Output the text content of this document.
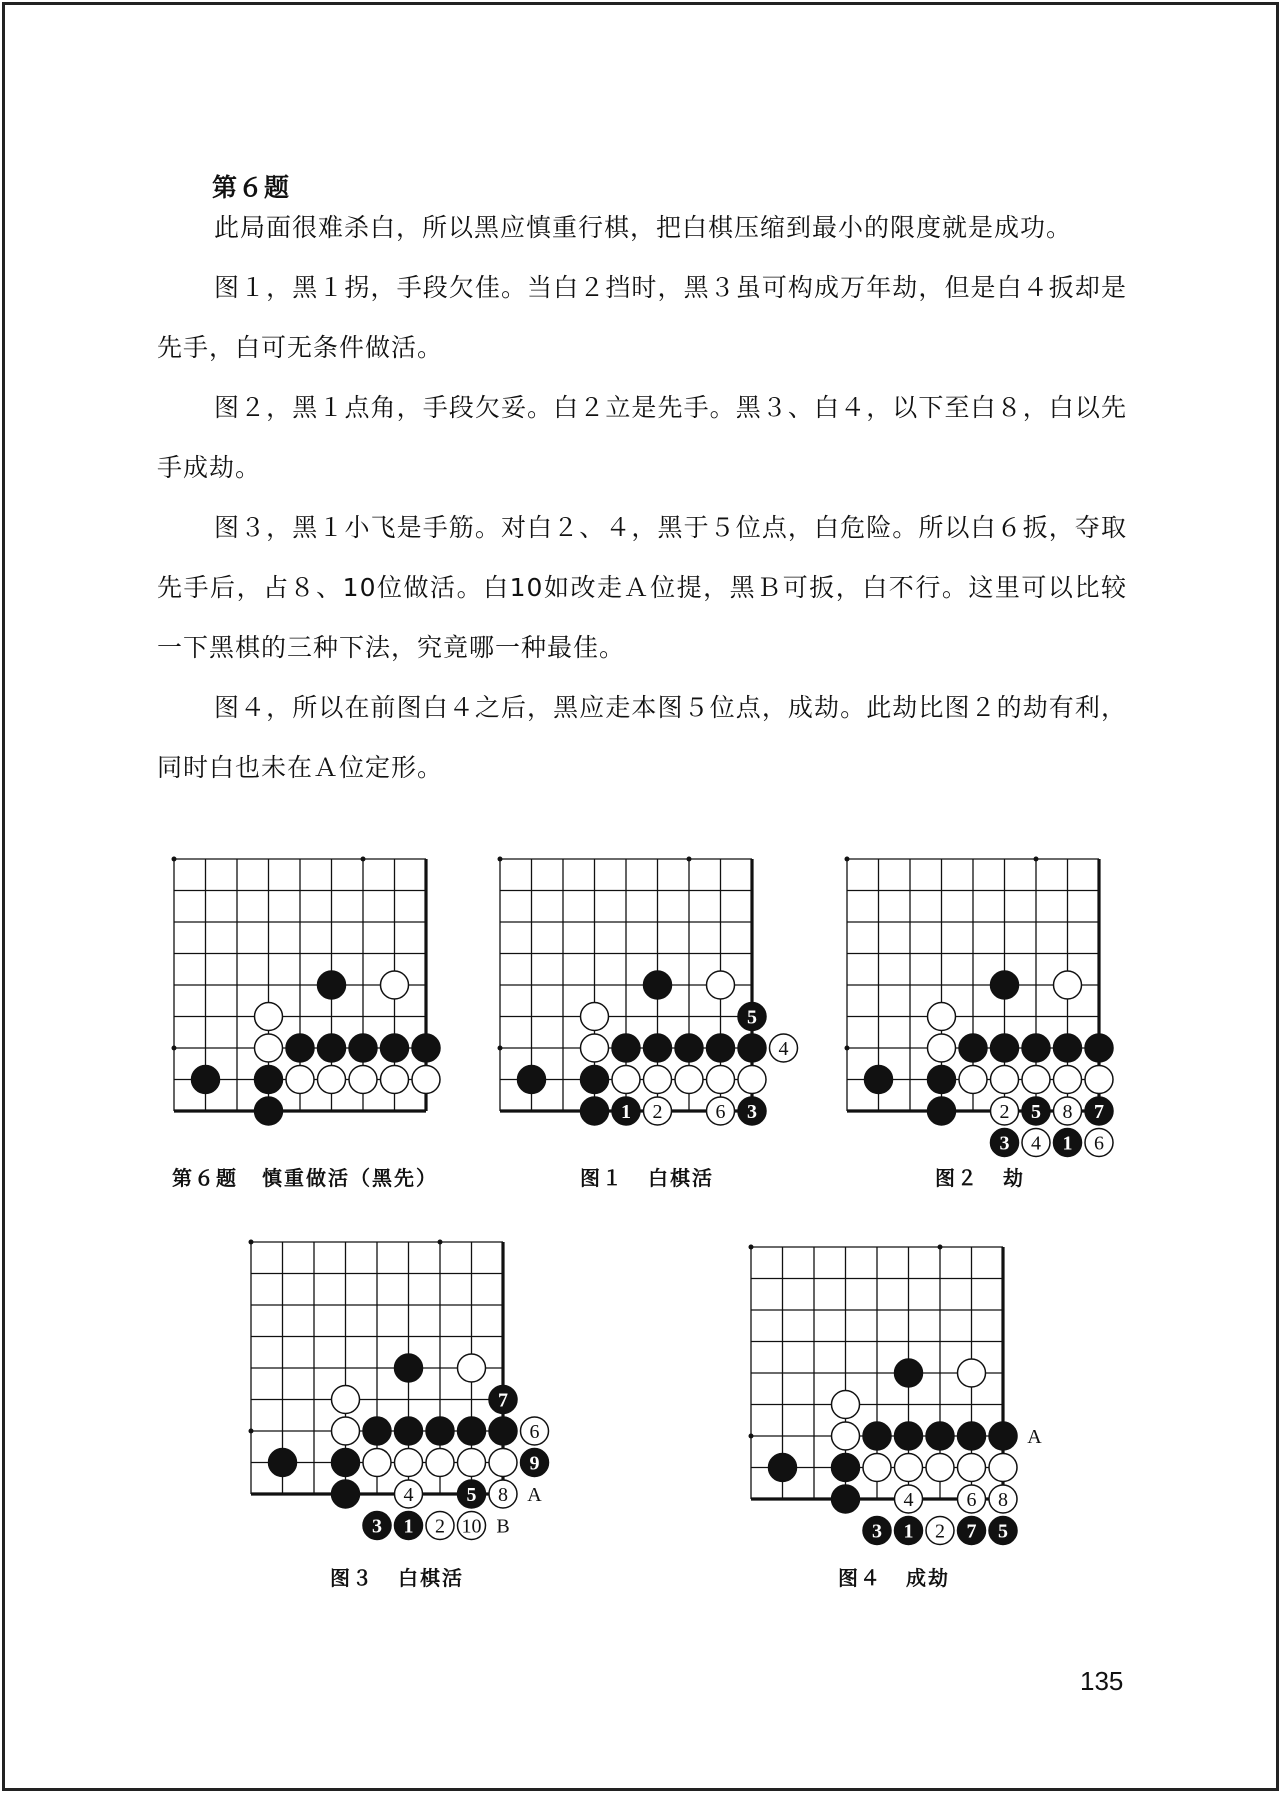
第６题

此局面很难杀白，所以黑应慎重行棋，把白棋压缩到最小的限度就是成功。

图１，黑１拐，手段欠佳。当白２挡时，黑３虽可构成万年劫，但是白４扳却是先手，白可无条件做活。

图２，黑１点角，手段欠妥。白２立是先手。黑３、白４，以下至白８，白以先手成劫。

图３，黑１小飞是手筋。对白２、４，黑于５位点，白危险。所以白６扳，夺取先手后，占８、10位做活。白10如改走Ａ位提，黑Ｂ可扳，白不行。这里可以比较一下黑棋的三种下法，究竟哪一种最佳。

图４，所以在前图白４之后，黑应走本图５位点，成劫。此劫比图２的劫有利，同时白也未在Ａ位定形。

第６题 慎重做活（黑先）
5
4
1 2	6 3
图１ 白棋活
2 5 8 7
3 4 1 6
图２ 劫
7
6
9
4	5 8
3 1 2 10
A
B
图３ 白棋活
4	6 8
3 1 2 7 5
A
图４ 成劫
135
